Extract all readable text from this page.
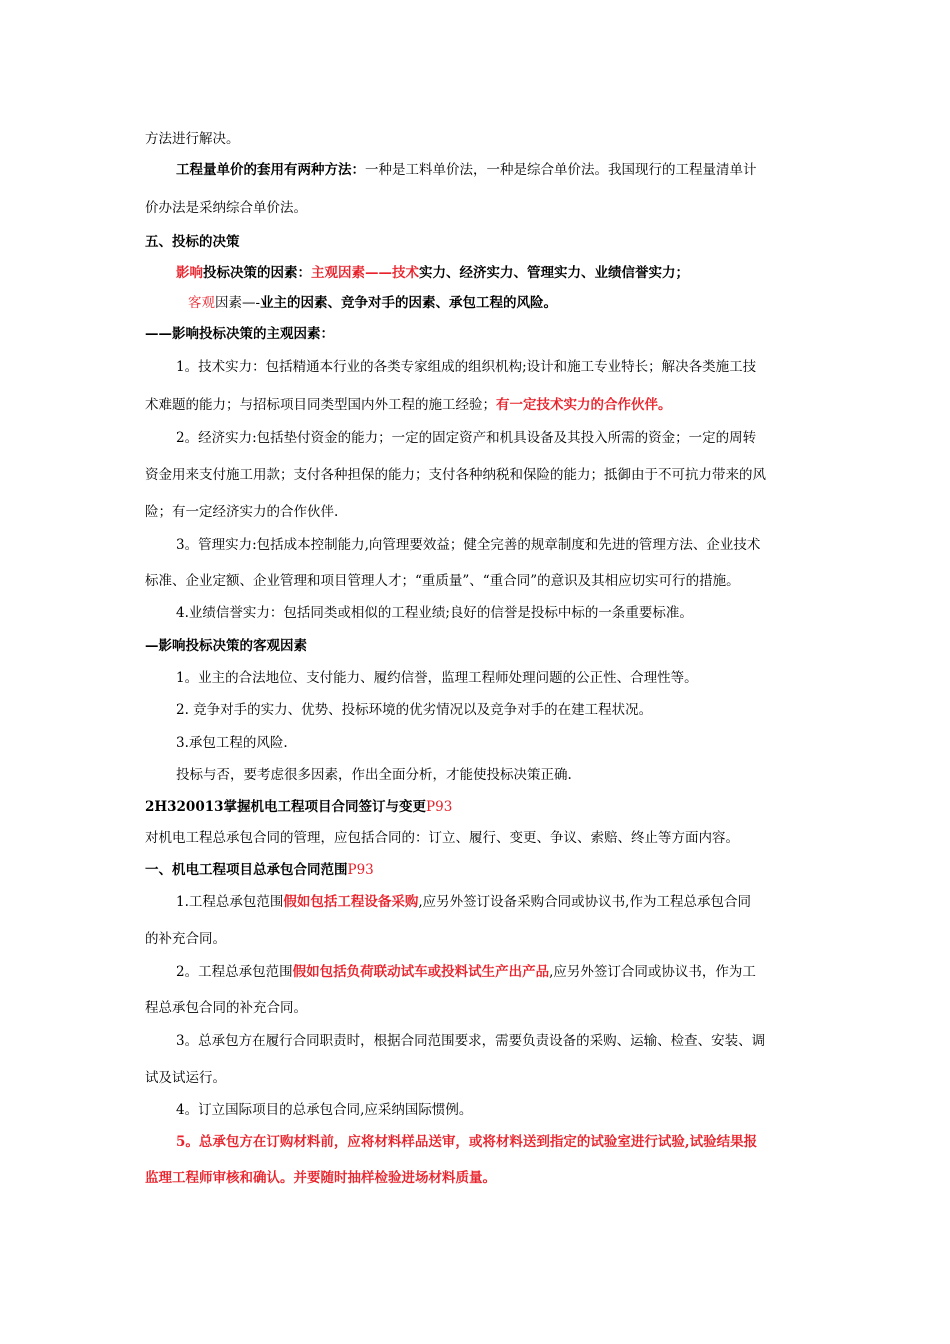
方法进行解决。
工程量单价的套用有两种方法：一种是工料单价法，一种是综合单价法。我国现行的工程量清单计
价办法是采纳综合单价法。
五、投标的决策
影响投标决策的因素：主观因素——技术实力、经济实力、管理实力、业绩信誉实力；
客观因素—-业主的因素、竞争对手的因素、承包工程的风险。
——影响投标决策的主观因素：
1。技术实力：包括精通本行业的各类专家组成的组织机构;设计和施工专业特长；解决各类施工技
术难题的能力；与招标项目同类型国内外工程的施工经验；有一定技术实力的合作伙伴。
2。经济实力:包括垫付资金的能力；一定的固定资产和机具设备及其投入所需的资金；一定的周转
资金用来支付施工用款；支付各种担保的能力；支付各种纳税和保险的能力；抵御由于不可抗力带来的风
险；有一定经济实力的合作伙伴.
3。管理实力:包括成本控制能力,向管理要效益；健全完善的规章制度和先进的管理方法、企业技术
标准、企业定额、企业管理和项目管理人才；“重质量”、“重合同”的意识及其相应切实可行的措施。
4.业绩信誉实力：包括同类或相似的工程业绩;良好的信誉是投标中标的一条重要标准。
—影响投标决策的客观因素
1。业主的合法地位、支付能力、履约信誉，监理工程师处理问题的公正性、合理性等。
2. 竞争对手的实力、优势、投标环境的优劣情况以及竞争对手的在建工程状况。
3.承包工程的风险.
投标与否，要考虑很多因素，作出全面分析，才能使投标决策正确.
2H320013掌握机电工程项目合同签订与变更P93
对机电工程总承包合同的管理，应包括合同的：订立、履行、变更、争议、索赔、终止等方面内容。
一、机电工程项目总承包合同范围P93
1.工程总承包范围假如包括工程设备采购,应另外签订设备采购合同或协议书,作为工程总承包合同
的补充合同。
2。工程总承包范围假如包括负荷联动试车或投料试生产出产品,应另外签订合同或协议书，作为工
程总承包合同的补充合同。
3。总承包方在履行合同职责时，根据合同范围要求，需要负责设备的采购、运输、检查、安装、调
试及试运行。
4。订立国际项目的总承包合同,应采纳国际惯例。
5。总承包方在订购材料前，应将材料样品送审，或将材料送到指定的试验室进行试验,试验结果报
监理工程师审核和确认。并要随时抽样检验进场材料质量。
